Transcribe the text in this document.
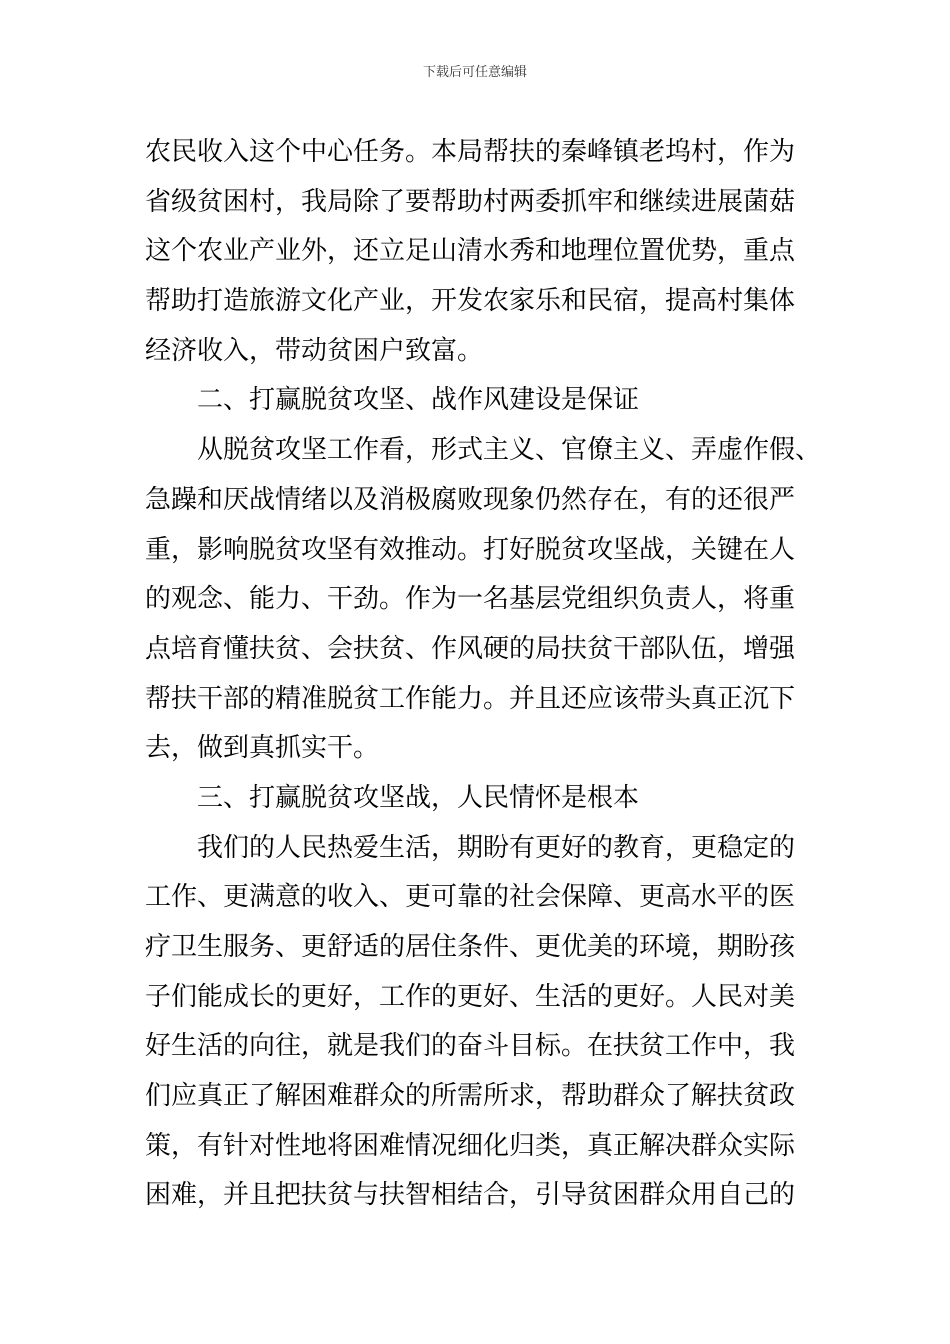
下载后可任意编辑
农民收入这个中心任务。本局帮扶的秦峰镇老坞村，作为
省级贫困村，我局除了要帮助村两委抓牢和继续进展菌菇
这个农业产业外，还立足山清水秀和地理位置优势，重点
帮助打造旅游文化产业，开发农家乐和民宿，提高村集体
经济收入，带动贫困户致富。
二、打赢脱贫攻坚、战作风建设是保证
从脱贫攻坚工作看，形式主义、官僚主义、弄虚作假、
急躁和厌战情绪以及消极腐败现象仍然存在，有的还很严
重，影响脱贫攻坚有效推动。打好脱贫攻坚战，关键在人
的观念、能力、干劲。作为一名基层党组织负责人，将重
点培育懂扶贫、会扶贫、作风硬的局扶贫干部队伍，增强
帮扶干部的精准脱贫工作能力。并且还应该带头真正沉下
去，做到真抓实干。
三、打赢脱贫攻坚战，人民情怀是根本
我们的人民热爱生活，期盼有更好的教育，更稳定的
工作、更满意的收入、更可靠的社会保障、更高水平的医
疗卫生服务、更舒适的居住条件、更优美的环境，期盼孩
子们能成长的更好，工作的更好、生活的更好。人民对美
好生活的向往，就是我们的奋斗目标。在扶贫工作中，我
们应真正了解困难群众的所需所求，帮助群众了解扶贫政
策，有针对性地将困难情况细化归类，真正解决群众实际
困难，并且把扶贫与扶智相结合，引导贫困群众用自己的
